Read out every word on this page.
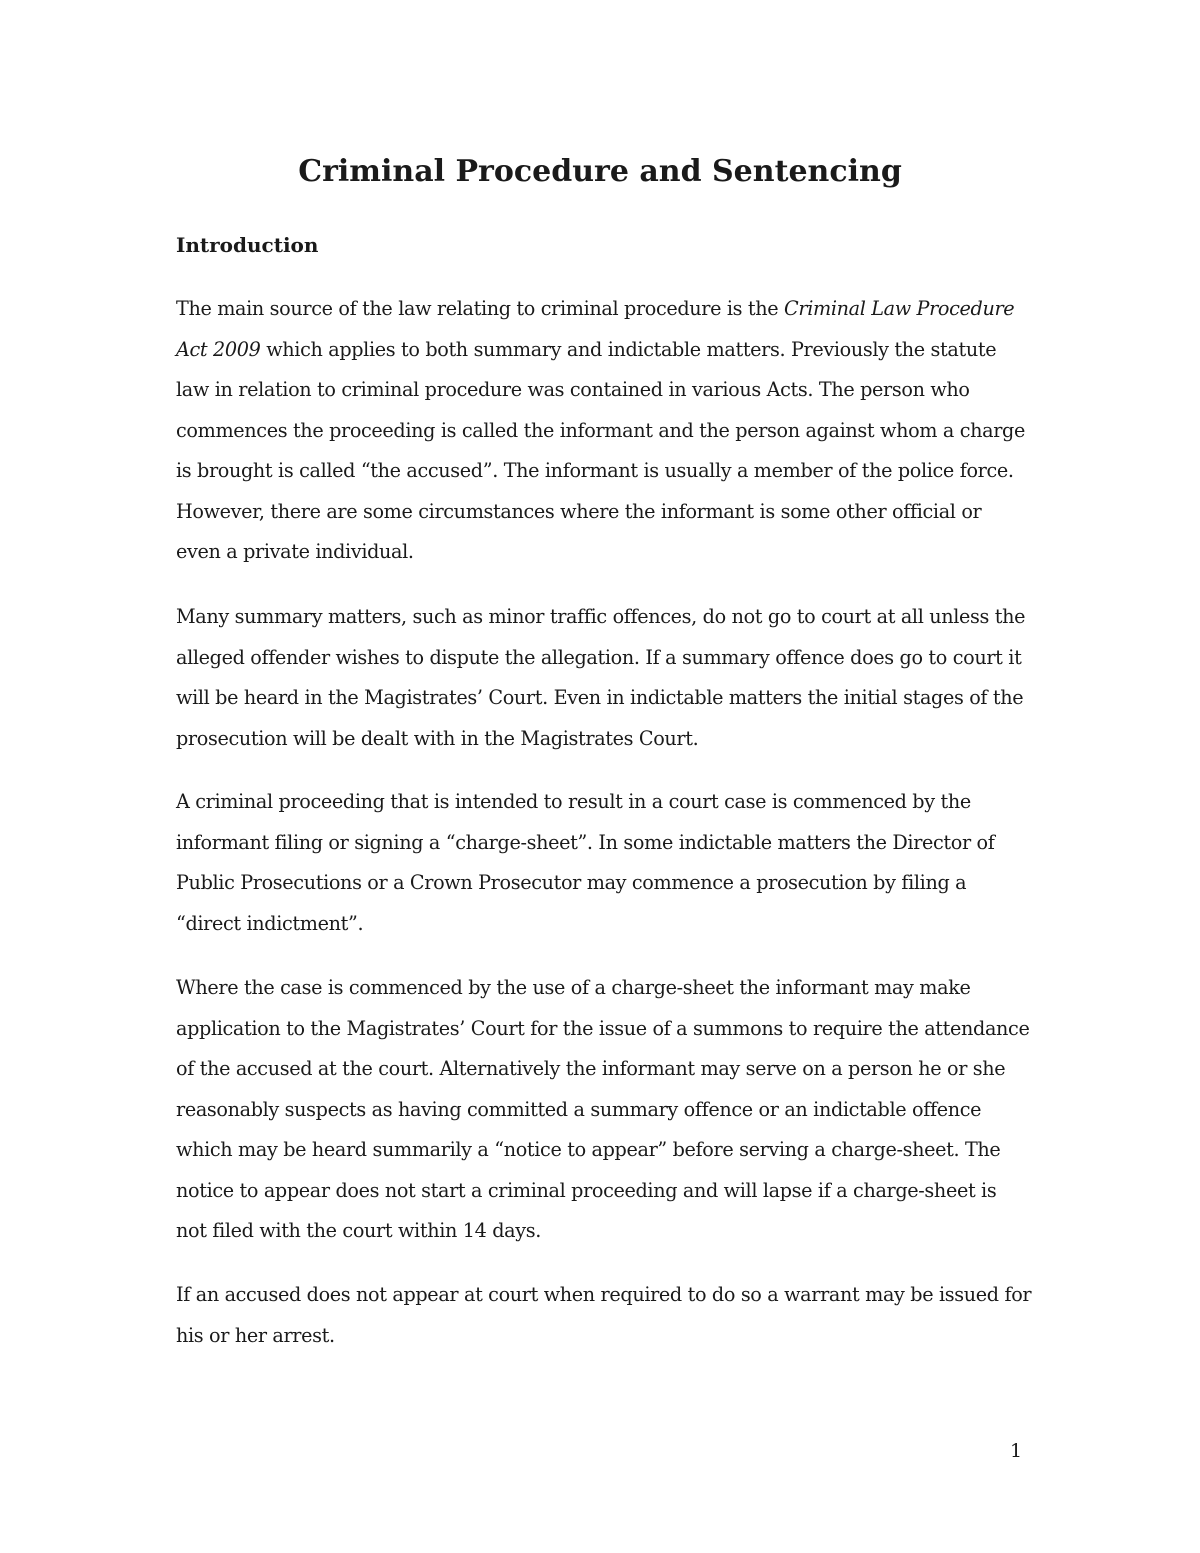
Criminal Procedure and Sentencing
Introduction

The main source of the law relating to criminal procedure is the Criminal Law Procedure
Act 2009 which applies to both summary and indictable matters. Previously the statute
law in relation to criminal procedure was contained in various Acts. The person who
commences the proceeding is called the informant and the person against whom a charge
is brought is called “the accused”. The informant is usually a member of the police force.
However, there are some circumstances where the informant is some other official or
even a private individual.

Many summary matters, such as minor traffic offences, do not go to court at all unless the
alleged offender wishes to dispute the allegation. If a summary offence does go to court it
will be heard in the Magistrates’ Court. Even in indictable matters the initial stages of the
prosecution will be dealt with in the Magistrates Court.

A criminal proceeding that is intended to result in a court case is commenced by the
informant filing or signing a “charge-sheet”. In some indictable matters the Director of
Public Prosecutions or a Crown Prosecutor may commence a prosecution by filing a
“direct indictment”.

Where the case is commenced by the use of a charge-sheet the informant may make
application to the Magistrates’ Court for the issue of a summons to require the attendance
of the accused at the court. Alternatively the informant may serve on a person he or she
reasonably suspects as having committed a summary offence or an indictable offence
which may be heard summarily a “notice to appear” before serving a charge-sheet. The
notice to appear does not start a criminal proceeding and will lapse if a charge-sheet is
not filed with the court within 14 days.

If an accused does not appear at court when required to do so a warrant may be issued for
his or her arrest.

1
